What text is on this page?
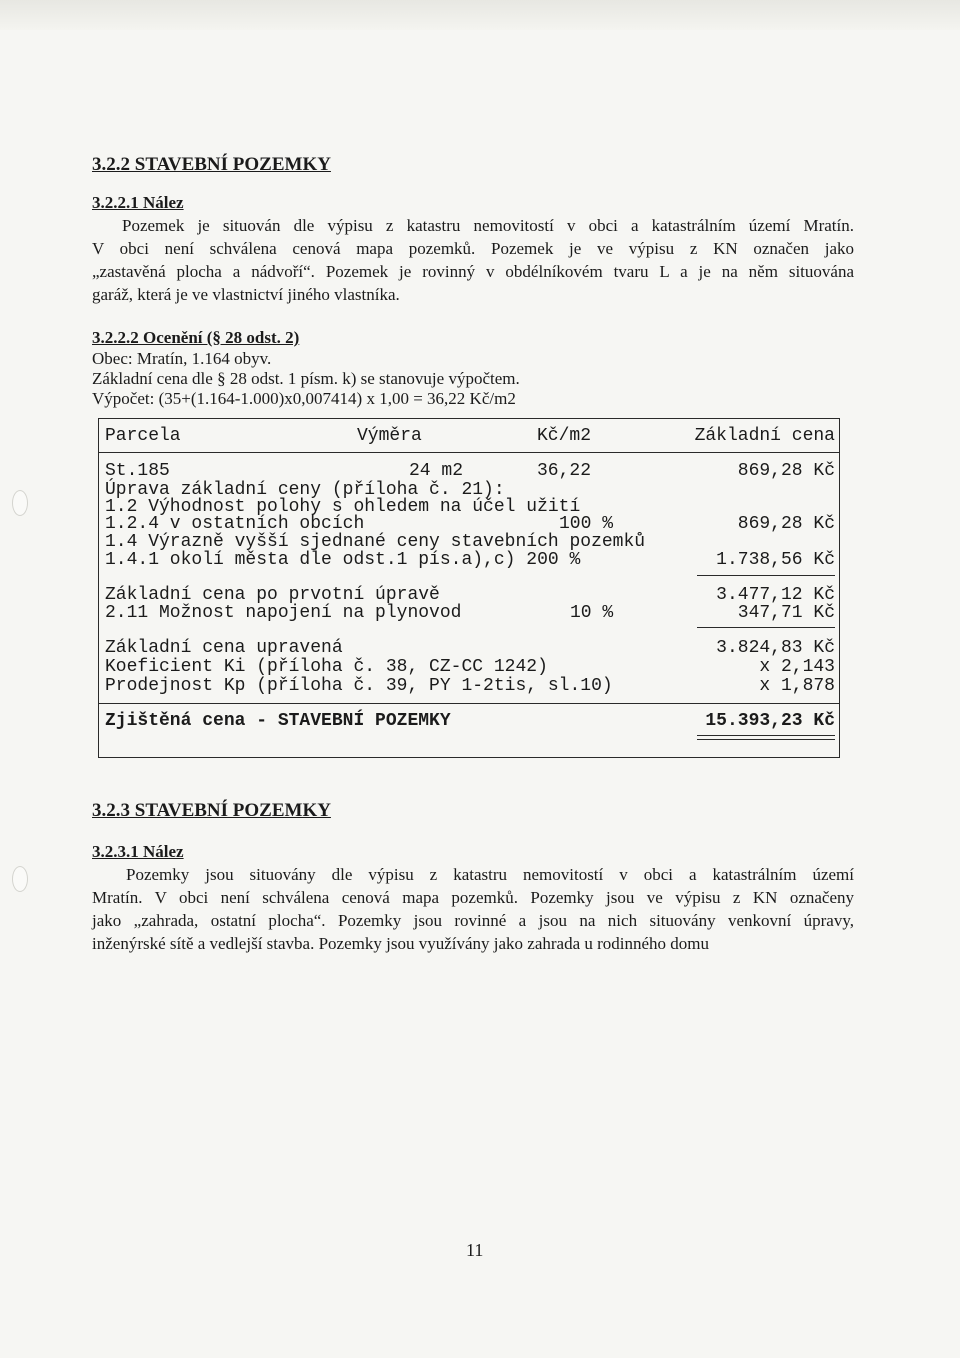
3.2.2 STAVEBNÍ POZEMKY
3.2.2.1 Nález
Pozemek je situován dle výpisu z katastru nemovitostí v obci a katastrálním území Mratín.
V obci není schválena cenová mapa pozemků. Pozemek je ve výpisu z KN označen jako
„zastavěná plocha a nádvoří“. Pozemek je rovinný v obdélníkovém tvaru L a je na něm situována
garáž, která je ve vlastnictví jiného vlastníka.
3.2.2.2 Ocenění (§ 28 odst. 2)
Obec: Mratín, 1.164 obyv.
Základní cena dle § 28 odst. 1 písm. k) se stanovuje výpočtem.
Výpočet: (35+(1.164-1.000)x0,007414) x 1,00 = 36,22 Kč/m2
Parcela	Výměra	Kč/m2	Základní cena
St.185	24 m2	36,22	869,28 Kč
Úprava základní ceny (příloha č. 21):
1.2 Výhodnost polohy s ohledem na účel užití
1.2.4 v ostatních obcích	100 %	869,28 Kč
1.4 Výrazně vyšší sjednané ceny stavebních pozemků
1.4.1 okolí města dle odst.1 pís.a),c) 200 %	1.738,56 Kč
Základní cena po prvotní úpravě	3.477,12 Kč
2.11 Možnost napojení na plynovod	10 %	347,71 Kč
Základní cena upravená	3.824,83 Kč
Koeficient Ki (příloha č. 38, CZ-CC 1242)	x 2,143
Prodejnost Kp (příloha č. 39, PY 1-2tis, sl.10)	x 1,878
Zjištěná cena - STAVEBNÍ POZEMKY	15.393,23 Kč
3.2.3 STAVEBNÍ POZEMKY
3.2.3.1 Nález
Pozemky jsou situovány dle výpisu z katastru nemovitostí v obci a katastrálním území
Mratín. V obci není schválena cenová mapa pozemků. Pozemky jsou ve výpisu z KN označeny
jako „zahrada, ostatní plocha“. Pozemky jsou rovinné a jsou na nich situovány venkovní úpravy,
inženýrské sítě a vedlejší stavba. Pozemky jsou využívány jako zahrada u rodinného domu
11
